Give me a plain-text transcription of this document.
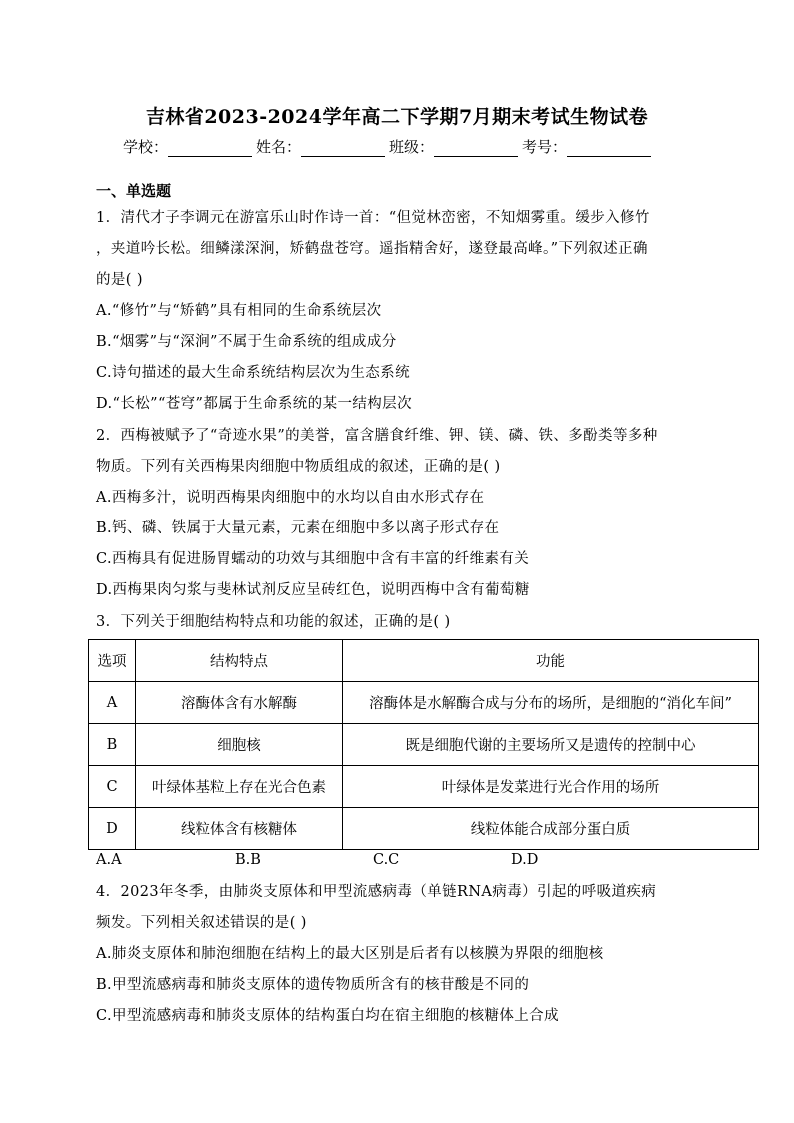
吉林省2023-2024学年高二下学期7月期末考试生物试卷
学校：	姓名：	班级：	考号：
一、单选题
1．清代才子李调元在游富乐山时作诗一首：“但觉林峦密，不知烟雾重。缓步入修竹
，夹道吟长松。细鳞漾深涧，矫鹤盘苍穹。遥指精舍好，遂登最高峰。”下列叙述正确
的是( )
A.“修竹”与“矫鹤”具有相同的生命系统层次
B.“烟雾”与“深涧”不属于生命系统的组成成分
C.诗句描述的最大生命系统结构层次为生态系统
D.“长松”“苍穹”都属于生命系统的某一结构层次
2．西梅被赋予了“奇迹水果”的美誉，富含膳食纤维、钾、镁、磷、铁、多酚类等多种
物质。下列有关西梅果肉细胞中物质组成的叙述，正确的是( )
A.西梅多汁，说明西梅果肉细胞中的水均以自由水形式存在
B.钙、磷、铁属于大量元素，元素在细胞中多以离子形式存在
C.西梅具有促进肠胃蠕动的功效与其细胞中含有丰富的纤维素有关
D.西梅果肉匀浆与斐林试剂反应呈砖红色，说明西梅中含有葡萄糖
3．下列关于细胞结构特点和功能的叙述，正确的是( )
选项	结构特点	功能
A	溶酶体含有水解酶	溶酶体是水解酶合成与分布的场所，是细胞的“消化车间”
B	细胞核	既是细胞代谢的主要场所又是遗传的控制中心
C	叶绿体基粒上存在光合色素	叶绿体是发菜进行光合作用的场所
D	线粒体含有核糖体	线粒体能合成部分蛋白质
A.A	B.B	C.C	D.D
4．2023年冬季，由肺炎支原体和甲型流感病毒（单链RNA病毒）引起的呼吸道疾病
频发。下列相关叙述错误的是( )
A.肺炎支原体和肺泡细胞在结构上的最大区别是后者有以核膜为界限的细胞核
B.甲型流感病毒和肺炎支原体的遗传物质所含有的核苷酸是不同的
C.甲型流感病毒和肺炎支原体的结构蛋白均在宿主细胞的核糖体上合成
